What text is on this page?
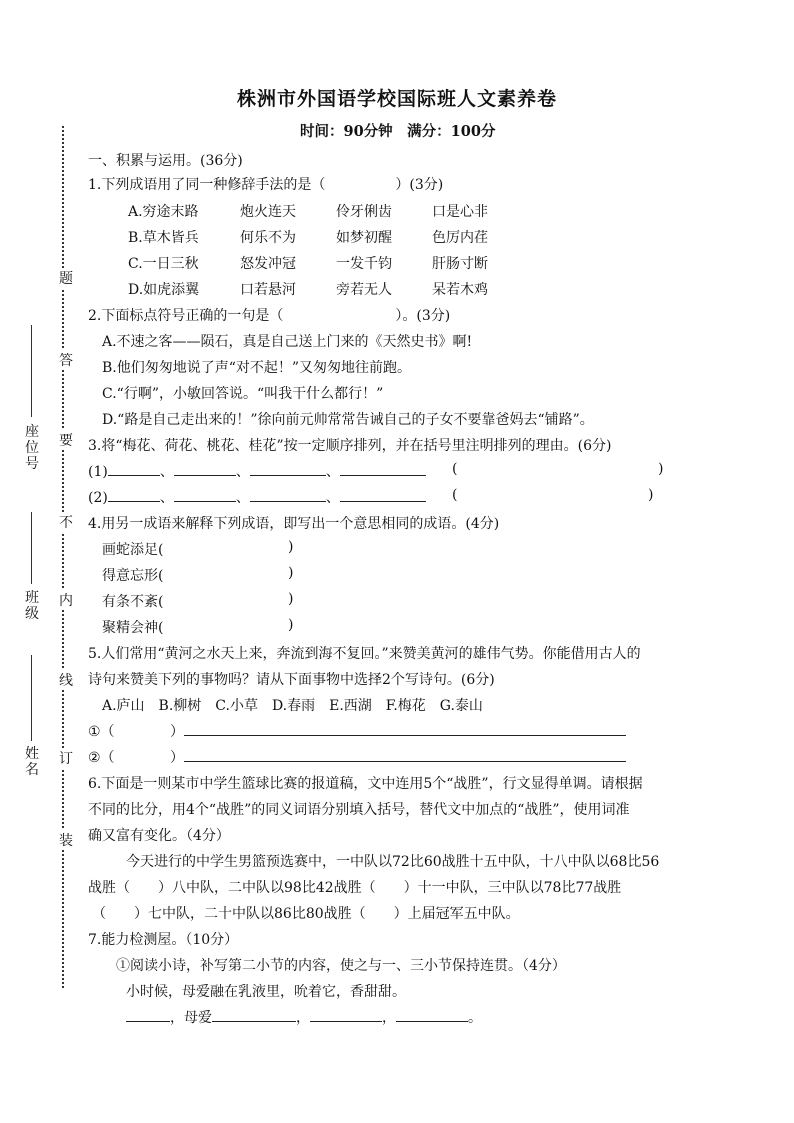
株洲市外国语学校国际班人文素养卷
时间：90分钟　满分：100分
题
答
要
不
内
线
订
装
座位号
班级
姓名
一、积累与运用。(36分)
1.下列成语用了同一种修辞手法的是（　　　　　）(3分)
A.穷途末路	炮火连天	伶牙俐齿	口是心非
B.草木皆兵	何乐不为	如梦初醒	色厉内荏
C.一日三秋	怒发冲冠	一发千钧	肝肠寸断
D.如虎添翼	口若悬河	旁若无人	呆若木鸡
2.下面标点符号正确的一句是（　　　　　　　　）。(3分)
A.不速之客——陨石，真是自己送上门来的《天然史书》啊!
B.他们匆匆地说了声“对不起！”又匆匆地往前跑。
C.“行啊”，小敏回答说。“叫我干什么都行！”
D.“路是自己走出来的！”徐向前元帅常常告诫自己的子女不要靠爸妈去“铺路”。
3.将“梅花、荷花、桃花、桂花”按一定顺序排列，并在括号里注明排列的理由。(6分)
(1)	、	、	、	(	)
(2)	、	、	、	(	)
4.用另一成语来解释下列成语，即写出一个意思相同的成语。(4分)
画蛇添足(	)
得意忘形(	)
有条不紊(	)
聚精会神(	)
5.人们常用“黄河之水天上来，奔流到海不复回。”来赞美黄河的雄伟气势。你能借用古人的
诗句来赞美下列的事物吗？请从下面事物中选择2个写诗句。(6分)
A.庐山　B.柳树　C.小草　D.春雨　E.西湖　F.梅花　G.泰山
①（	）
②（	）
6.下面是一则某市中学生篮球比赛的报道稿，文中连用5个“战胜”，行文显得单调。请根据
不同的比分，用4个“战胜”的同义词语分别填入括号，替代文中加点的“战胜”，使用词准
确又富有变化。（4分）
今天进行的中学生男篮预选赛中，一中队以72比60战胜十五中队，十八中队以68比56
战胜（　　）八中队，二中队以98比42战胜（　　）十一中队，三中队以78比77战胜
（　　）七中队，二十中队以86比80战胜（　　）上届冠军五中队。
7.能力检测屋。（10分）
①阅读小诗，补写第二小节的内容，使之与一、三小节保持连贯。（4分）
小时候，母爱融在乳液里，吮着它，香甜甜。
，母爱	，	，	。
